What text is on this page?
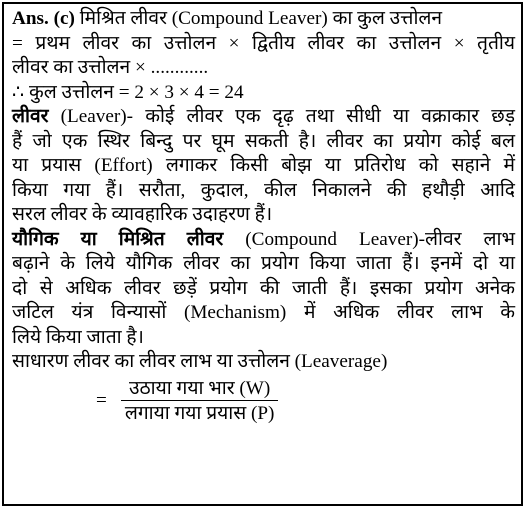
Ans. (c) मिश्रित लीवर (Compound Leaver) का कुल उत्तोलन
= प्रथम लीवर का उत्तोलन × द्वितीय लीवर का उत्तोलन × तृतीय
लीवर का उत्तोलन × ............
∴ कुल उत्तोलन = 2 × 3 × 4 = 24
लीवर (Leaver)- कोई लीवर एक दृढ़ तथा सीधी या वक्राकार छड़
हैं जो एक स्थिर बिन्दु पर घूम सकती है। लीवर का प्रयोग कोई बल
या प्रयास (Effort) लगाकर किसी बोझ या प्रतिरोध को सहाने में
किया गया हैं। सरौता, कुदाल, कील निकालने की हथौड़ी आदि
सरल लीवर के व्यावहारिक उदाहरण हैं।
यौगिक या मिश्रित लीवर (Compound Leaver)-लीवर लाभ
बढ़ाने के लिये यौगिक लीवर का प्रयोग किया जाता हैं। इनमें दो या
दो से अधिक लीवर छड़ें प्रयोग की जाती हैं। इसका प्रयोग अनेक
जटिल यंत्र विन्यासों (Mechanism) में अधिक लीवर लाभ के
लिये किया जाता है।
साधारण लीवर का लीवर लाभ या उत्तोलन (Leaverage)
=
उठाया गया भार (W)
लगाया गया प्रयास (P)
